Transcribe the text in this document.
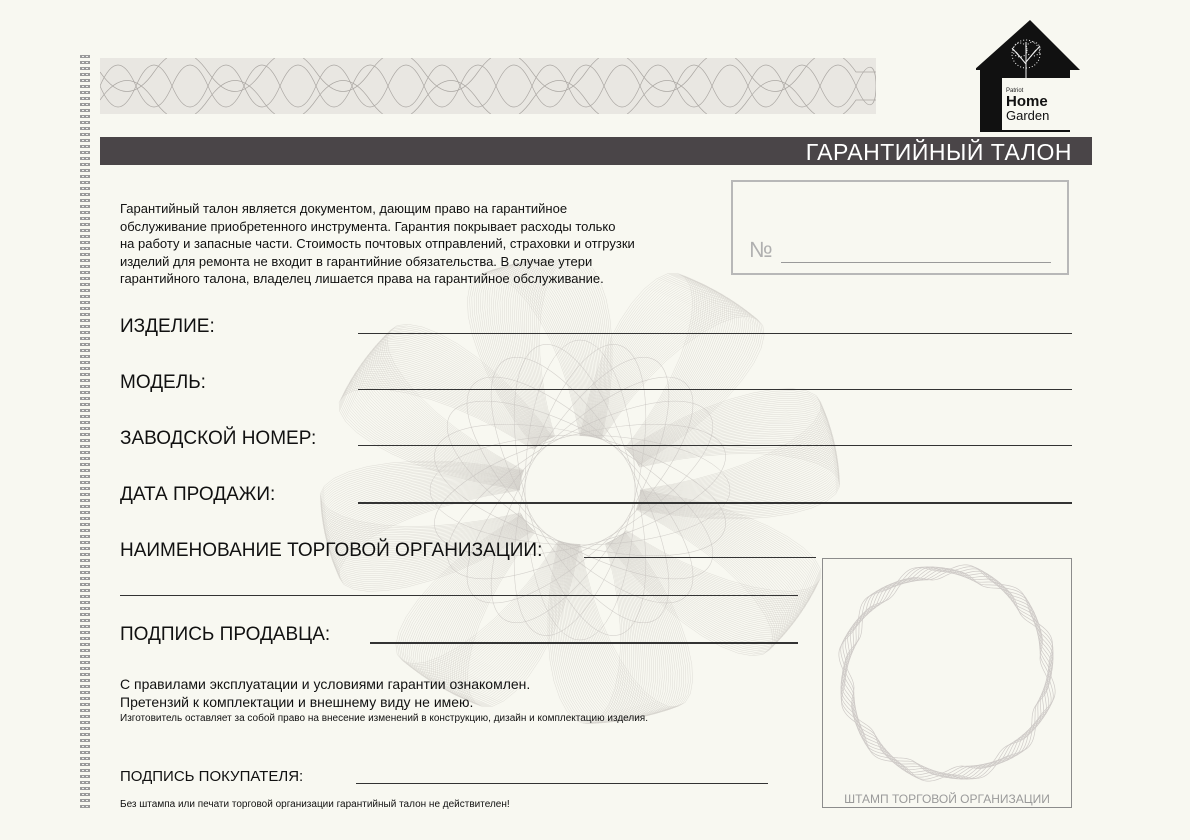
Patriot
Home
Garden
ГАРАНТИЙНЫЙ ТАЛОН
Гарантийный талон является документом, дающим право на гарантийное
обслуживание приобретенного инструмента. Гарантия покрывает расходы только
на работу и запасные части. Стоимость почтовых отправлений, страховки и отгрузки
изделий для ремонта не входит в гарантийние обязательства. В случае утери
гарантийного талона, владелец лишается права на гарантийное обслуживание.
№
ИЗДЕЛИЕ:
МОДЕЛЬ:
ЗАВОДСКОЙ НОМЕР:
ДАТА ПРОДАЖИ:
НАИМЕНОВАНИЕ ТОРГОВОЙ ОРГАНИЗАЦИИ:
ПОДПИСЬ ПРОДАВЦА:
С правилами эксплуатации и условиями гарантии ознакомлен.
Претензий к комплектации и внешнему виду не имею.
Изготовитель оставляет за собой право на внесение изменений в конструкцию, дизайн и комплектацию изделия.
ПОДПИСЬ ПОКУПАТЕЛЯ:
Без штампа или печати торговой организации гарантийный талон не действителен!	ШТАМП ТОРГОВОЙ ОРГАНИЗАЦИИ
